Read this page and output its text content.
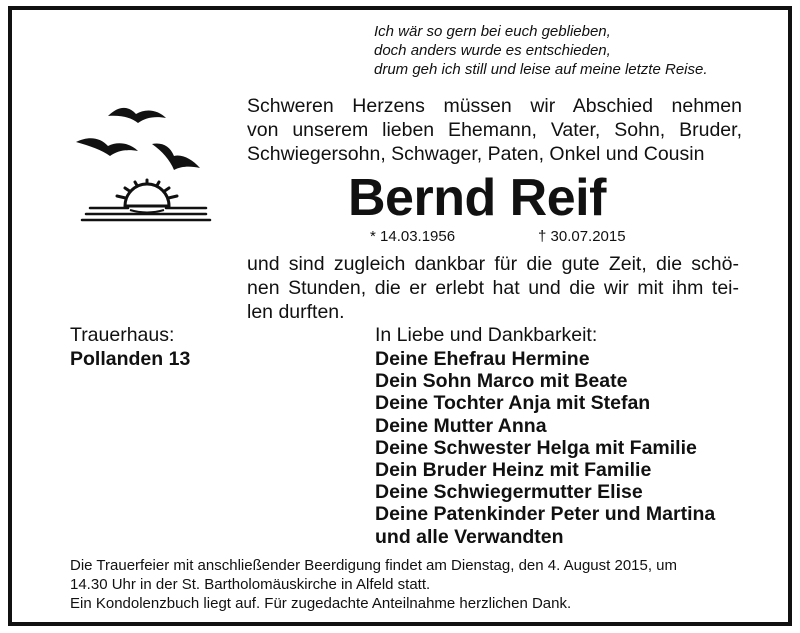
Ich wär so gern bei euch geblieben,
doch anders wurde es entschieden,
drum geh ich still und leise auf meine letzte Reise.
Schweren Herzens müssen wir Abschied nehmen
von unserem lieben Ehemann, Vater, Sohn, Bruder,
Schwiegersohn, Schwager, Paten, Onkel und Cousin
Bernd Reif
* 14.03.1956	† 30.07.2015
und sind zugleich dankbar für die gute Zeit, die schö-
nen Stunden, die er erlebt hat und die wir mit ihm tei-
len durften.
Trauerhaus:
Pollanden 13
In Liebe und Dankbarkeit:
Deine Ehefrau Hermine
Dein Sohn Marco mit Beate
Deine Tochter Anja mit Stefan
Deine Mutter Anna
Deine Schwester Helga mit Familie
Dein Bruder Heinz mit Familie
Deine Schwiegermutter Elise
Deine Patenkinder Peter und Martina
und alle Verwandten
Die Trauerfeier mit anschließender Beerdigung findet am Dienstag, den 4. August 2015, um
14.30 Uhr in der St. Bartholomäuskirche in Alfeld statt.
Ein Kondolenzbuch liegt auf. Für zugedachte Anteilnahme herzlichen Dank.
